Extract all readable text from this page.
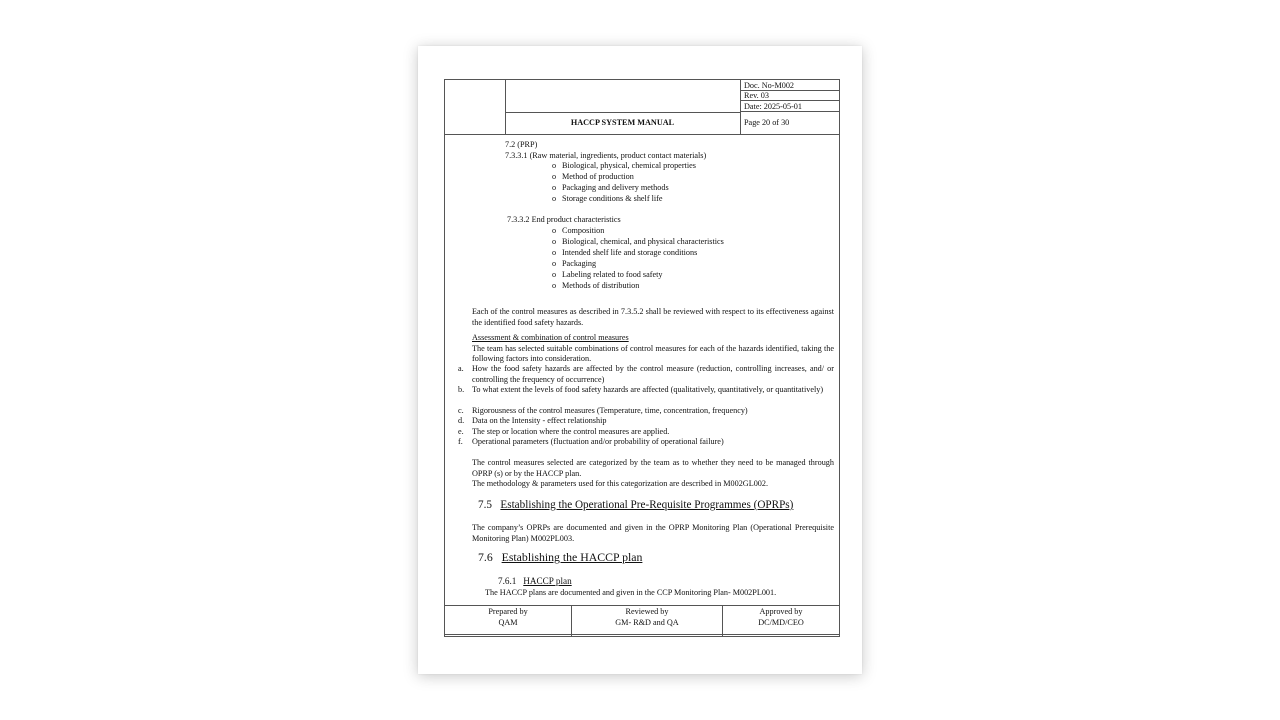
HACCP SYSTEM MANUAL
Doc. No-M002
Rev. 03
Date: 2025-05-01
Page 20 of 30
7.2 (PRP)
7.3.3.1 (Raw material, ingredients, product contact materials)
o Biological, physical, chemical properties
o Method of production
o Packaging and delivery methods
o Storage conditions & shelf life
7.3.3.2 End product characteristics
o Composition
o Biological, chemical, and physical characteristics
o Intended shelf life and storage conditions
o Packaging
o Labeling related to food safety
o Methods of distribution
Each of the control measures as described in 7.3.5.2 shall be reviewed with respect to its effectiveness against the identified food safety hazards.
Assessment & combination of control measures
The team has selected suitable combinations of control measures for each of the hazards identified, taking the following factors into consideration.
a. How the food safety hazards are affected by the control measure (reduction, controlling increases, and/ or controlling the frequency of occurrence)
b. To what extent the levels of food safety hazards are affected (qualitatively, quantitatively, or quantitatively)
c. Rigorousness of the control measures (Temperature, time, concentration, frequency)
d. Data on the Intensity - effect relationship
e. The step or location where the control measures are applied.
f. Operational parameters (fluctuation and/or probability of operational failure)
The control measures selected are categorized by the team as to whether they need to be managed through OPRP (s) or by the HACCP plan.
The methodology & parameters used for this categorization are described in M002GL002.
7.5 Establishing the Operational Pre-Requisite Programmes (OPRPs)
The company’s OPRPs are documented and given in the OPRP Monitoring Plan (Operational Prerequisite Monitoring Plan) M002PL003.
7.6 Establishing the HACCP plan
7.6.1 HACCP plan
The HACCP plans are documented and given in the CCP Monitoring Plan- M002PL001.
Prepared by
QAM
Reviewed by
GM- R&D and QA
Approved by
DC/MD/CEO
